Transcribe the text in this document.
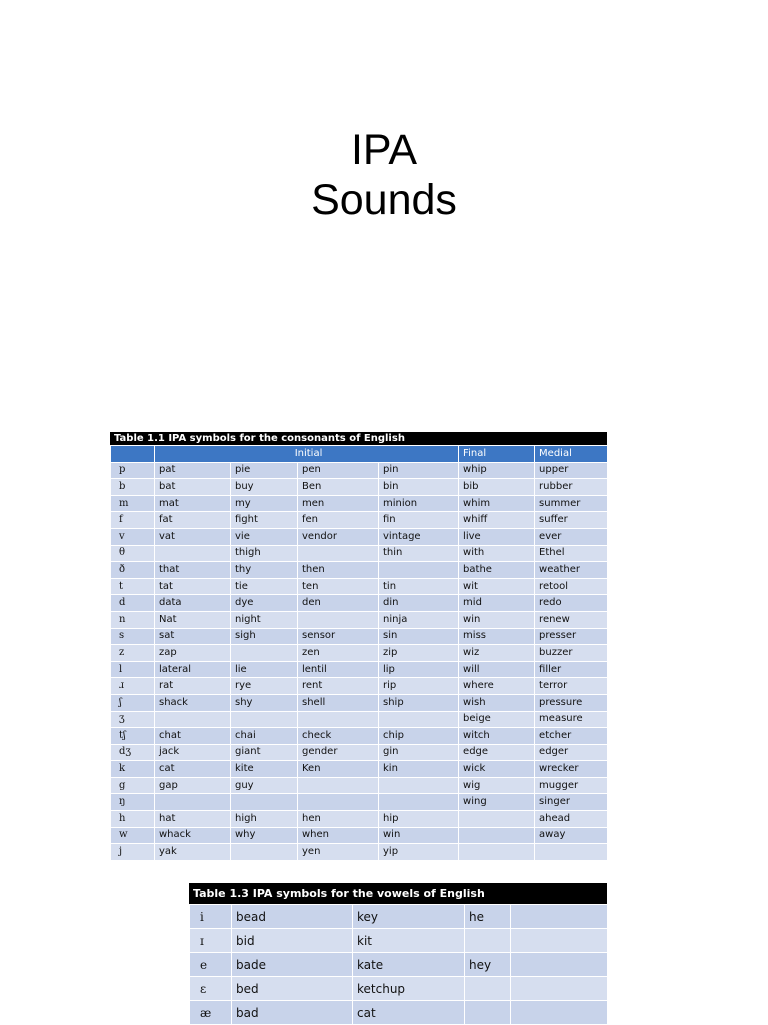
IPA
Sounds
Table 1.1 IPA symbols for the consonants of English
	Initial				Final	Medial
p	pat	pie	pen	pin	whip	upper
b	bat	buy	Ben	bin	bib	rubber
m	mat	my	men	minion	whim	summer
f	fat	fight	fen	fin	whiff	suffer
v	vat	vie	vendor	vintage	live	ever
θ		thigh		thin	with	Ethel
ð	that	thy	then		bathe	weather
t	tat	tie	ten	tin	wit	retool
d	data	dye	den	din	mid	redo
n	Nat	night		ninja	win	renew
s	sat	sigh	sensor	sin	miss	presser
z	zap		zen	zip	wiz	buzzer
l	lateral	lie	lentil	lip	will	filler
ɹ	rat	rye	rent	rip	where	terror
ʃ	shack	shy	shell	ship	wish	pressure
ʒ					beige	measure
tʃ	chat	chai	check	chip	witch	etcher
dʒ	jack	giant	gender	gin	edge	edger
k	cat	kite	Ken	kin	wick	wrecker
g	gap	guy			wig	mugger
ŋ					wing	singer
h	hat	high	hen	hip		ahead
w	whack	why	when	win		away
j	yak		yen	yip		
Table 1.3 IPA symbols for the vowels of English
i	bead	key	he	
ɪ	bid	kit		
e	bade	kate	hey	
ɛ	bed	ketchup		
æ	bad	cat		
